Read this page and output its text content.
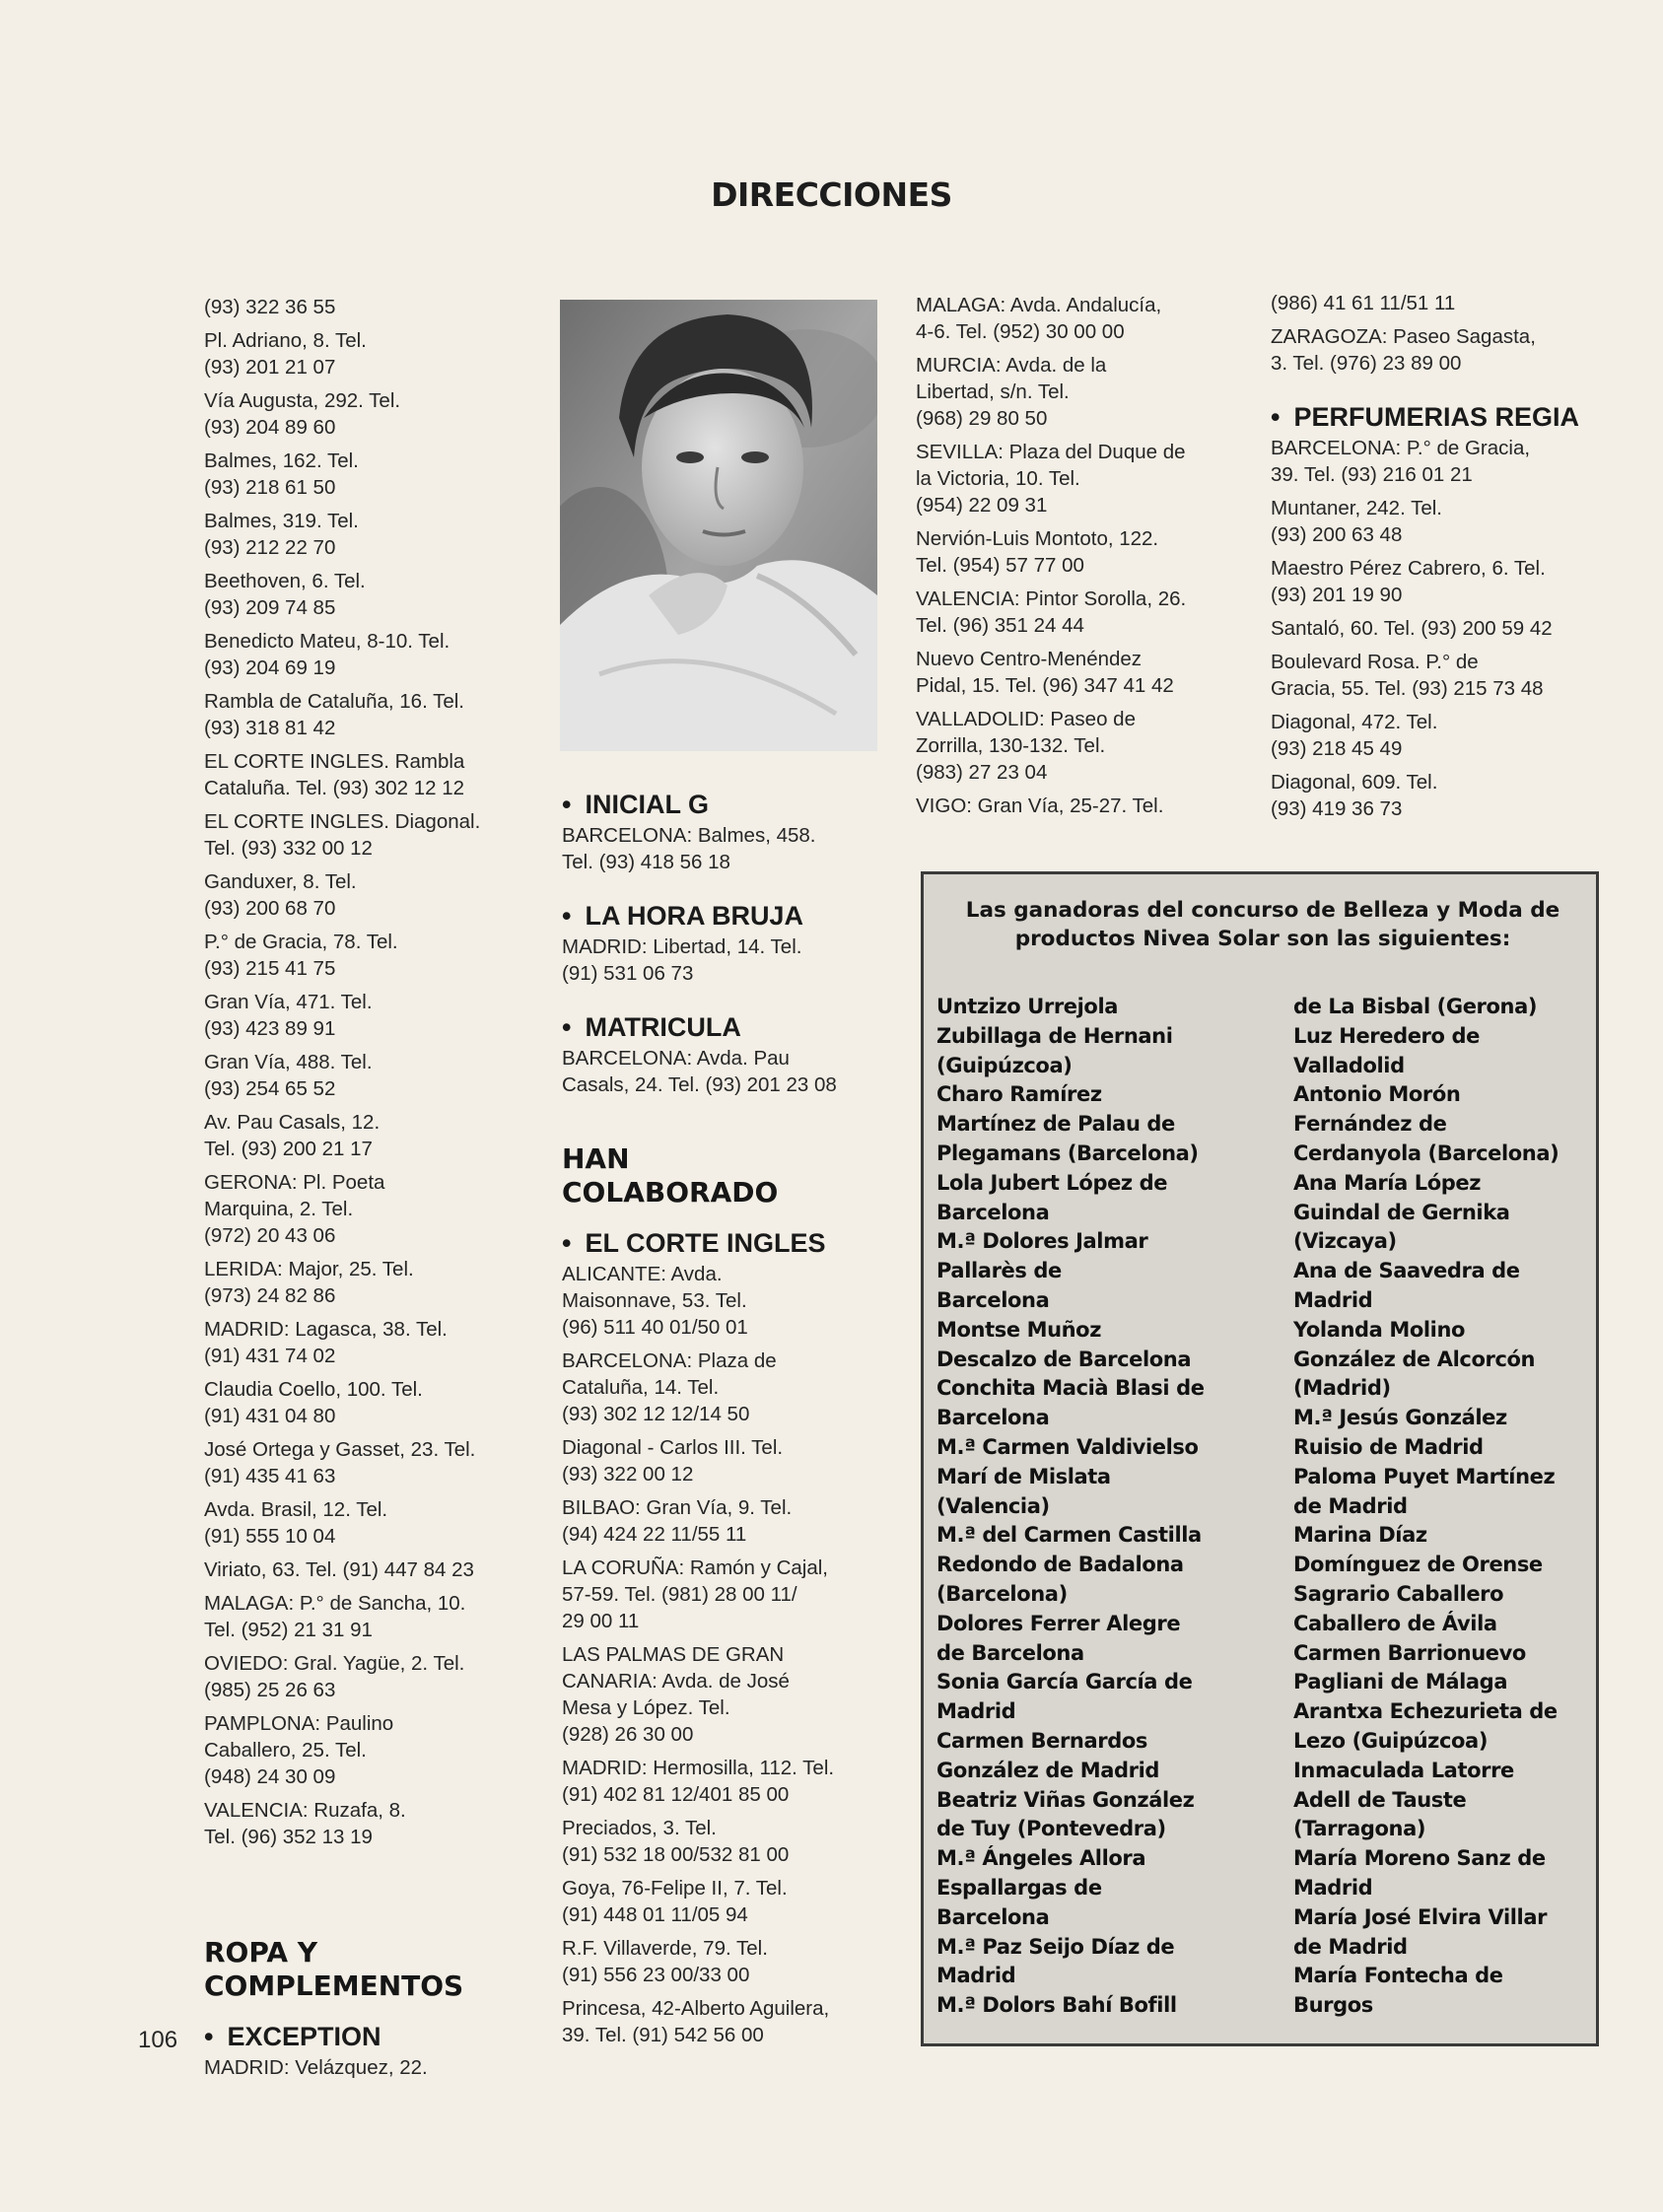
DIRECCIONES
(93) 322 36 55
Pl. Adriano, 8. Tel.
(93) 201 21 07
Vía Augusta, 292. Tel.
(93) 204 89 60
Balmes, 162. Tel.
(93) 218 61 50
Balmes, 319. Tel.
(93) 212 22 70
Beethoven, 6. Tel.
(93) 209 74 85
Benedicto Mateu, 8-10. Tel.
(93) 204 69 19
Rambla de Cataluña, 16. Tel.
(93) 318 81 42
EL CORTE INGLES. Rambla
Cataluña. Tel. (93) 302 12 12
EL CORTE INGLES. Diagonal.
Tel. (93) 332 00 12
Ganduxer, 8. Tel.
(93) 200 68 70
P.° de Gracia, 78. Tel.
(93) 215 41 75
Gran Vía, 471. Tel.
(93) 423 89 91
Gran Vía, 488. Tel.
(93) 254 65 52
Av. Pau Casals, 12.
Tel. (93) 200 21 17
GERONA: Pl. Poeta
Marquina, 2. Tel.
(972) 20 43 06
LERIDA: Major, 25. Tel.
(973) 24 82 86
MADRID: Lagasca, 38. Tel.
(91) 431 74 02
Claudia Coello, 100. Tel.
(91) 431 04 80
José Ortega y Gasset, 23. Tel.
(91) 435 41 63
Avda. Brasil, 12. Tel.
(91) 555 10 04
Viriato, 63. Tel. (91) 447 84 23
MALAGA: P.° de Sancha, 10.
Tel. (952) 21 31 91
OVIEDO: Gral. Yagüe, 2. Tel.
(985) 25 26 63
PAMPLONA: Paulino
Caballero, 25. Tel.
(948) 24 30 09
VALENCIA: Ruzafa, 8.
Tel. (96) 352 13 19
ROPA Y
COMPLEMENTOS
• EXCEPTION
MADRID: Velázquez, 22.
• INICIAL G
BARCELONA: Balmes, 458.
Tel. (93) 418 56 18
• LA HORA BRUJA
MADRID: Libertad, 14. Tel.
(91) 531 06 73
• MATRICULA
BARCELONA: Avda. Pau
Casals, 24. Tel. (93) 201 23 08
HAN
COLABORADO
• EL CORTE INGLES
ALICANTE: Avda.
Maisonnave, 53. Tel.
(96) 511 40 01/50 01
BARCELONA: Plaza de
Cataluña, 14. Tel.
(93) 302 12 12/14 50
Diagonal - Carlos III. Tel.
(93) 322 00 12
BILBAO: Gran Vía, 9. Tel.
(94) 424 22 11/55 11
LA CORUÑA: Ramón y Cajal,
57-59. Tel. (981) 28 00 11/
29 00 11
LAS PALMAS DE GRAN
CANARIA: Avda. de José
Mesa y López. Tel.
(928) 26 30 00
MADRID: Hermosilla, 112. Tel.
(91) 402 81 12/401 85 00
Preciados, 3. Tel.
(91) 532 18 00/532 81 00
Goya, 76-Felipe II, 7. Tel.
(91) 448 01 11/05 94
R.F. Villaverde, 79. Tel.
(91) 556 23 00/33 00
Princesa, 42-Alberto Aguilera,
39. Tel. (91) 542 56 00
MALAGA: Avda. Andalucía,
4-6. Tel. (952) 30 00 00
MURCIA: Avda. de la
Libertad, s/n. Tel.
(968) 29 80 50
SEVILLA: Plaza del Duque de
la Victoria, 10. Tel.
(954) 22 09 31
Nervión-Luis Montoto, 122.
Tel. (954) 57 77 00
VALENCIA: Pintor Sorolla, 26.
Tel. (96) 351 24 44
Nuevo Centro-Menéndez
Pidal, 15. Tel. (96) 347 41 42
VALLADOLID: Paseo de
Zorrilla, 130-132. Tel.
(983) 27 23 04
VIGO: Gran Vía, 25-27. Tel.
(986) 41 61 11/51 11
ZARAGOZA: Paseo Sagasta,
3. Tel. (976) 23 89 00
• PERFUMERIAS REGIA
BARCELONA: P.° de Gracia,
39. Tel. (93) 216 01 21
Muntaner, 242. Tel.
(93) 200 63 48
Maestro Pérez Cabrero, 6. Tel.
(93) 201 19 90
Santaló, 60. Tel. (93) 200 59 42
Boulevard Rosa. P.° de
Gracia, 55. Tel. (93) 215 73 48
Diagonal, 472. Tel.
(93) 218 45 49
Diagonal, 609. Tel.
(93) 419 36 73
Las ganadoras del concurso de Belleza y Moda de
productos Nivea Solar son las siguientes:
Untzizo Urrejola
Zubillaga de Hernani
(Guipúzcoa)
Charo Ramírez
Martínez de Palau de
Plegamans (Barcelona)
Lola Jubert López de
Barcelona
M.ª Dolores Jalmar
Pallarès de
Barcelona
Montse Muñoz
Descalzo de Barcelona
Conchita Macià Blasi de
Barcelona
M.ª Carmen Valdivielso
Marí de Mislata
(Valencia)
M.ª del Carmen Castilla
Redondo de Badalona
(Barcelona)
Dolores Ferrer Alegre
de Barcelona
Sonia García García de
Madrid
Carmen Bernardos
González de Madrid
Beatriz Viñas González
de Tuy (Pontevedra)
M.ª Ángeles Allora
Espallargas de
Barcelona
M.ª Paz Seijo Díaz de
Madrid
M.ª Dolors Bahí Bofill
de La Bisbal (Gerona)
Luz Heredero de
Valladolid
Antonio Morón
Fernández de
Cerdanyola (Barcelona)
Ana María López
Guindal de Gernika
(Vizcaya)
Ana de Saavedra de
Madrid
Yolanda Molino
González de Alcorcón
(Madrid)
M.ª Jesús González
Ruisio de Madrid
Paloma Puyet Martínez
de Madrid
Marina Díaz
Domínguez de Orense
Sagrario Caballero
Caballero de Ávila
Carmen Barrionuevo
Pagliani de Málaga
Arantxa Echezurieta de
Lezo (Guipúzcoa)
Inmaculada Latorre
Adell de Tauste
(Tarragona)
María Moreno Sanz de
Madrid
María José Elvira Villar
de Madrid
María Fontecha de
Burgos
106
